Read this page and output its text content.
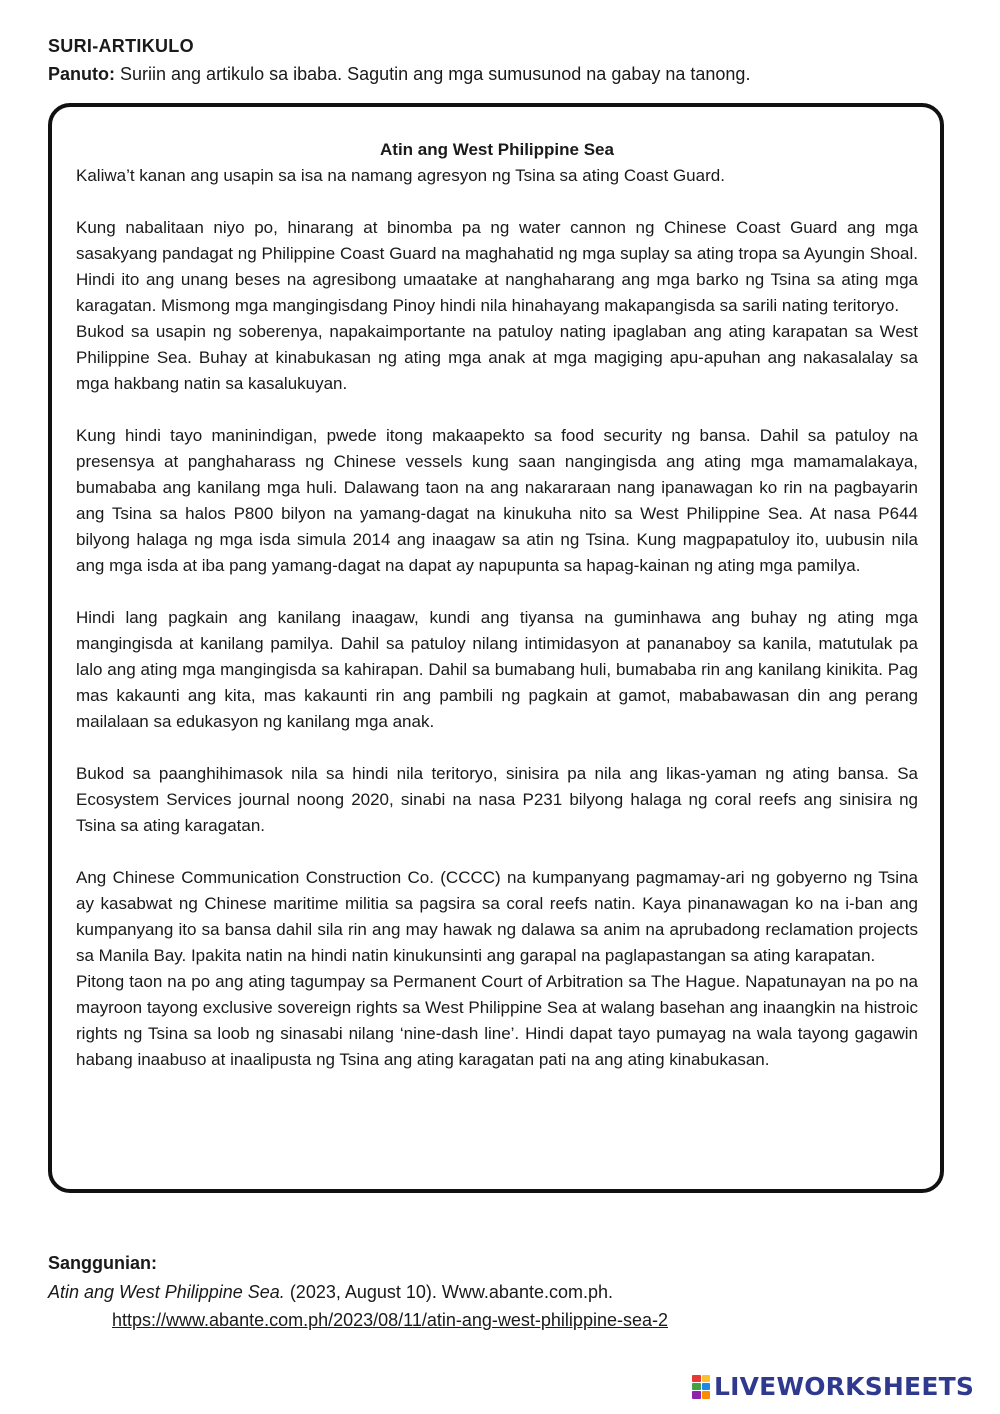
SURI-ARTIKULO
Panuto: Suriin ang artikulo sa ibaba. Sagutin ang mga sumusunod na gabay na tanong.
Atin ang West Philippine Sea

Kaliwa’t kanan ang usapin sa isa na namang agresyon ng Tsina sa ating Coast Guard.

Kung nabalitaan niyo po, hinarang at binomba pa ng water cannon ng Chinese Coast Guard ang mga sasakyang pandagat ng Philippine Coast Guard na maghahatid ng mga suplay sa ating tropa sa Ayungin Shoal. Hindi ito ang unang beses na agresibong umaatake at nanghaharang ang mga barko ng Tsina sa ating mga karagatan. Mismong mga mangingisdang Pinoy hindi nila hinahayang makapangisda sa sarili nating teritoryo.

Bukod sa usapin ng soberenya, napakaimportante na patuloy nating ipaglaban ang ating karapatan sa West Philippine Sea. Buhay at kinabukasan ng ating mga anak at mga magiging apu-apuhan ang nakasalalay sa mga hakbang natin sa kasalukuyan.

Kung hindi tayo maninindigan, pwede itong makaapekto sa food security ng bansa. Dahil sa patuloy na presensya at panghaharass ng Chinese vessels kung saan nangingisda ang ating mga mamamalakaya, bumababa ang kanilang mga huli. Dalawang taon na ang nakararaan nang ipanawagan ko rin na pagbayarin ang Tsina sa halos P800 bilyon na yamang-dagat na kinukuha nito sa West Philippine Sea. At nasa P644 bilyong halaga ng mga isda simula 2014 ang inaagaw sa atin ng Tsina. Kung magpapatuloy ito, uubusin nila ang mga isda at iba pang yamang-dagat na dapat ay napupunta sa hapag-kainan ng ating mga pamilya.

Hindi lang pagkain ang kanilang inaagaw, kundi ang tiyansa na guminhawa ang buhay ng ating mga mangingisda at kanilang pamilya. Dahil sa patuloy nilang intimidasyon at pananaboy sa kanila, matutulak pa lalo ang ating mga mangingisda sa kahirapan. Dahil sa bumabang huli, bumababa rin ang kanilang kinikita. Pag mas kakaunti ang kita, mas kakaunti rin ang pambili ng pagkain at gamot, mababawasan din ang perang mailalaan sa edukasyon ng kanilang mga anak.

Bukod sa paanghihimasok nila sa hindi nila teritoryo, sinisira pa nila ang likas-yaman ng ating bansa. Sa Ecosystem Services journal noong 2020, sinabi na nasa P231 bilyong halaga ng coral reefs ang sinisira ng Tsina sa ating karagatan.

Ang Chinese Communication Construction Co. (CCCC) na kumpanyang pagmamay-ari ng gobyerno ng Tsina ay kasabwat ng Chinese maritime militia sa pagsira sa coral reefs natin. Kaya pinanawagan ko na i-ban ang kumpanyang ito sa bansa dahil sila rin ang may hawak ng dalawa sa anim na aprubadong reclamation projects sa Manila Bay. Ipakita natin na hindi natin kinukunsinti ang garapal na paglapastangan sa ating karapatan.

Pitong taon na po ang ating tagumpay sa Permanent Court of Arbitration sa The Hague. Napatunayan na po na mayroon tayong exclusive sovereign rights sa West Philippine Sea at walang basehan ang inaangkin na histroic rights ng Tsina sa loob ng sinasabi nilang ‘nine-dash line’. Hindi dapat tayo pumayag na wala tayong gagawin habang inaabuso at inaalipusta ng Tsina ang ating karagatan pati na ang ating kinabukasan.

Sanggunian:
Atin ang West Philippine Sea. (2023, August 10). Www.abante.com.ph.
https://www.abante.com.ph/2023/08/11/atin-ang-west-philippine-sea-2
LIVEWORKSHEETS
